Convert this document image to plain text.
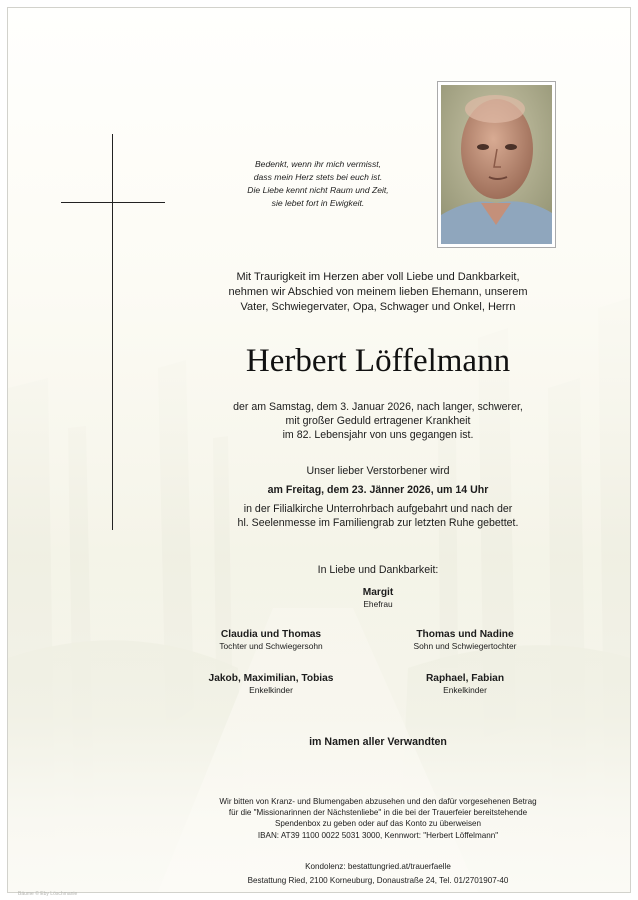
Bedenkt, wenn ihr mich vermisst,
dass mein Herz stets bei euch ist.
Die Liebe kennt nicht Raum und Zeit,
sie lebet fort in Ewigkeit.
Mit Traurigkeit im Herzen aber voll Liebe und Dankbarkeit,
nehmen wir Abschied von meinem lieben Ehemann, unserem
Vater, Schwiegervater, Opa, Schwager und Onkel, Herrn
Herbert Löffelmann
der am Samstag, dem 3. Januar 2026, nach langer, schwerer,
mit großer Geduld ertragener Krankheit
im 82. Lebensjahr von uns gegangen ist.
Unser lieber Verstorbener wird
am Freitag, dem 23. Jänner 2026, um 14 Uhr
in der Filialkirche Unterrohrbach aufgebahrt und nach der
hl. Seelenmesse im Familiengrab zur letzten Ruhe gebettet.
In Liebe und Dankbarkeit:
Margit
Ehefrau
Claudia und Thomas
Tochter und Schwiegersohn
Thomas und Nadine
Sohn und Schwiegertochter
Jakob, Maximilian, Tobias
Enkelkinder
Raphael, Fabian
Enkelkinder
im Namen aller Verwandten
Wir bitten von Kranz- und Blumengaben abzusehen und den dafür vorgesehenen Betrag
für die "Missionarinnen der Nächstenliebe" in die bei der Trauerfeier bereitstehende
Spendenbox zu geben oder auf das Konto zu überweisen
IBAN: AT39 1100 0022 5031 3000, Kennwort: "Herbert Löffelmann"
Kondolenz: bestattungried.at/trauerfaelle
Bestattung Ried, 2100 Korneuburg, Donaustraße 24, Tel. 01/2701907-40
Bäume © Eby Löschmanie
